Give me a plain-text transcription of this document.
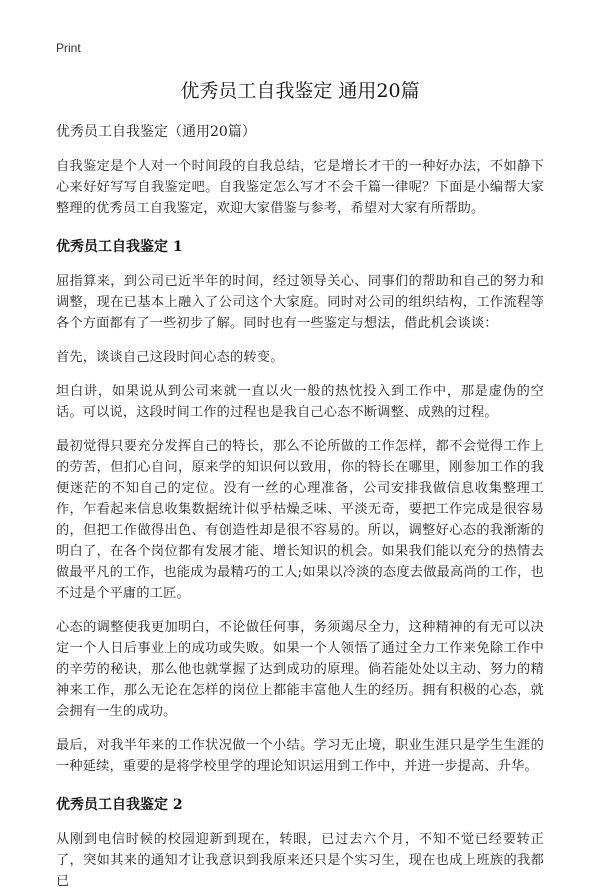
Print
优秀员工自我鉴定 通用20篇
优秀员工自我鉴定（通用20篇）

自我鉴定是个人对一个时间段的自我总结，它是增长才干的一种好办法，不如静下心来好好写写自我鉴定吧。自我鉴定怎么写才不会千篇一律呢？下面是小编帮大家整理的优秀员工自我鉴定，欢迎大家借鉴与参考，希望对大家有所帮助。

优秀员工自我鉴定 1

屈指算来，到公司已近半年的时间，经过领导关心、同事们的帮助和自己的努力和调整，现在已基本上融入了公司这个大家庭。同时对公司的组织结构，工作流程等各个方面都有了一些初步了解。同时也有一些鉴定与想法，借此机会谈谈：

首先，谈谈自己这段时间心态的转变。

坦白讲，如果说从到公司来就一直以火一般的热忱投入到工作中，那是虚伪的空话。可以说，这段时间工作的过程也是我自己心态不断调整、成熟的过程。

最初觉得只要充分发挥自己的特长，那么不论所做的工作怎样，都不会觉得工作上的劳苦，但扪心自问，原来学的知识何以致用，你的特长在哪里，刚参加工作的我便迷茫的不知自己的定位。没有一丝的心理准备，公司安排我做信息收集整理工作，乍看起来信息收集数据统计似乎枯燥乏味、平淡无奇，要把工作完成是很容易的，但把工作做得出色、有创造性却是很不容易的。所以，调整好心态的我渐渐的明白了，在各个岗位都有发展才能、增长知识的机会。如果我们能以充分的热情去做最平凡的工作，也能成为最精巧的工人;如果以冷淡的态度去做最高尚的工作，也不过是个平庸的工匠。

心态的调整使我更加明白，不论做任何事，务须竭尽全力，这种精神的有无可以决定一个人日后事业上的成功或失败。如果一个人领悟了通过全力工作来免除工作中的辛劳的秘诀，那么他也就掌握了达到成功的原理。倘若能处处以主动、努力的精神来工作，那么无论在怎样的岗位上都能丰富他人生的经历。拥有积极的心态，就会拥有一生的成功。

最后，对我半年来的工作状况做一个小结。学习无止境，职业生涯只是学生生涯的一种延续，重要的是将学校里学的理论知识运用到工作中，并进一步提高、升华。

优秀员工自我鉴定 2

从刚到电信时候的校园迎新到现在，转眼，已过去六个月，不知不觉已经要转正了，突如其来的通知才让我意识到我原来还只是个实习生，现在也成上班族的我都已
